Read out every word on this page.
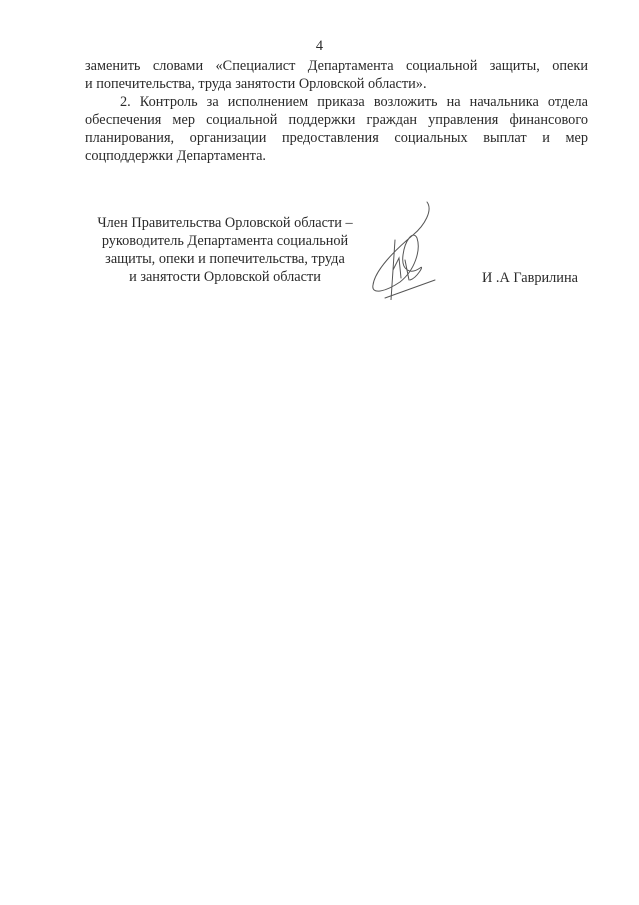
4
заменить словами «Специалист Департамента социальной защиты, опеки
и попечительства, труда занятости Орловской области».
2. Контроль за исполнением приказа возложить на начальника отдела
обеспечения мер социальной поддержки граждан управления финансового
планирования, организации предоставления социальных выплат и мер
соцподдержки Департамента.
Член Правительства Орловской области –
руководитель Департамента социальной
защиты, опеки и попечительства, труда
и занятости Орловской области	И .А Гаврилина
